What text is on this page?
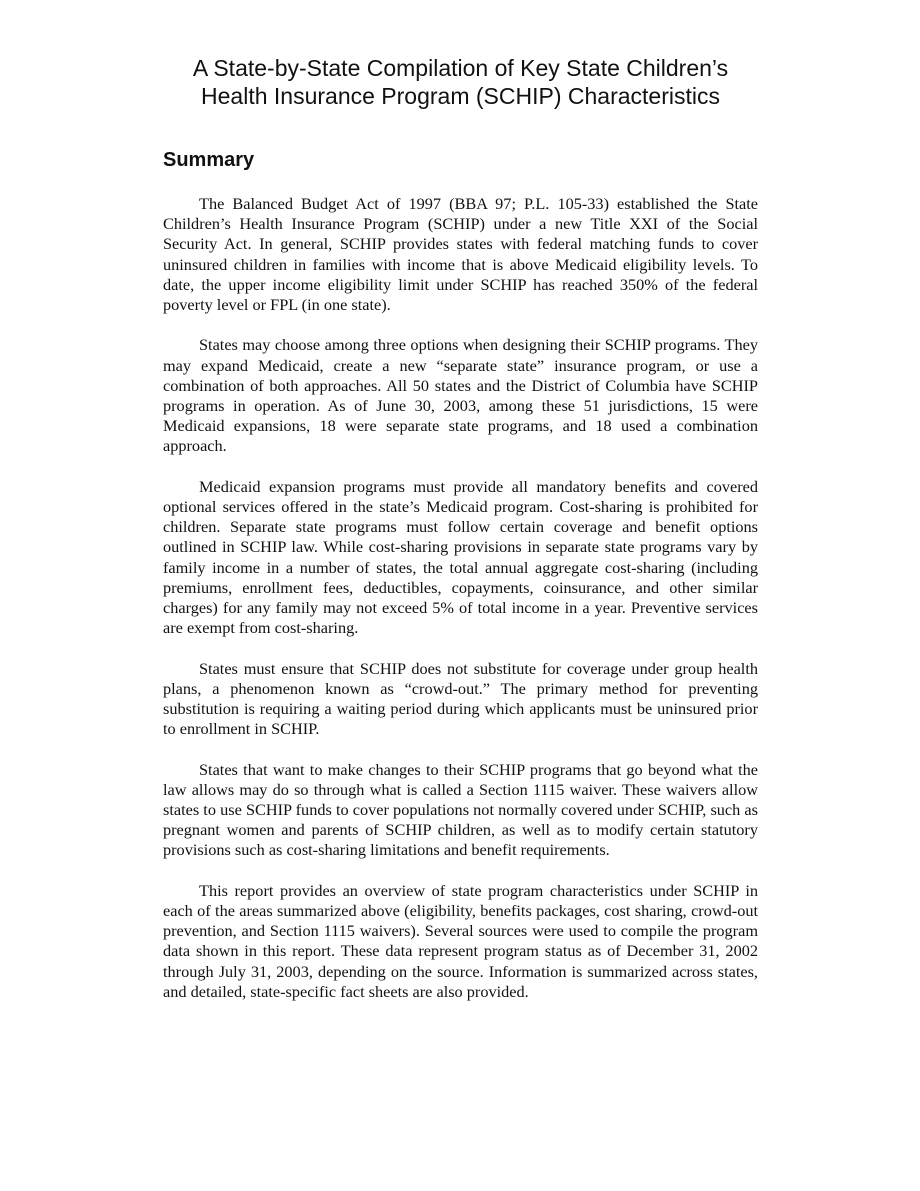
A State-by-State Compilation of Key State Children’s
Health Insurance Program (SCHIP) Characteristics
Summary

The Balanced Budget Act of 1997 (BBA 97; P.L. 105-33) established the State Children’s Health Insurance Program (SCHIP) under a new Title XXI of the Social Security Act. In general, SCHIP provides states with federal matching funds to cover uninsured children in families with income that is above Medicaid eligibility levels. To date, the upper income eligibility limit under SCHIP has reached 350% of the federal poverty level or FPL (in one state).

States may choose among three options when designing their SCHIP programs. They may expand Medicaid, create a new “separate state” insurance program, or use a combination of both approaches. All 50 states and the District of Columbia have SCHIP programs in operation. As of June 30, 2003, among these 51 jurisdictions, 15 were Medicaid expansions, 18 were separate state programs, and 18 used a combination approach.

Medicaid expansion programs must provide all mandatory benefits and covered optional services offered in the state’s Medicaid program. Cost-sharing is prohibited for children. Separate state programs must follow certain coverage and benefit options outlined in SCHIP law. While cost-sharing provisions in separate state programs vary by family income in a number of states, the total annual aggregate cost-sharing (including premiums, enrollment fees, deductibles, copayments, coinsurance, and other similar charges) for any family may not exceed 5% of total income in a year. Preventive services are exempt from cost-sharing.

States must ensure that SCHIP does not substitute for coverage under group health plans, a phenomenon known as “crowd-out.” The primary method for preventing substitution is requiring a waiting period during which applicants must be uninsured prior to enrollment in SCHIP.

States that want to make changes to their SCHIP programs that go beyond what the law allows may do so through what is called a Section 1115 waiver. These waivers allow states to use SCHIP funds to cover populations not normally covered under SCHIP, such as pregnant women and parents of SCHIP children, as well as to modify certain statutory provisions such as cost-sharing limitations and benefit requirements.

This report provides an overview of state program characteristics under SCHIP in each of the areas summarized above (eligibility, benefits packages, cost sharing, crowd-out prevention, and Section 1115 waivers). Several sources were used to compile the program data shown in this report. These data represent program status as of December 31, 2002 through July 31, 2003, depending on the source. Information is summarized across states, and detailed, state-specific fact sheets are also provided.
